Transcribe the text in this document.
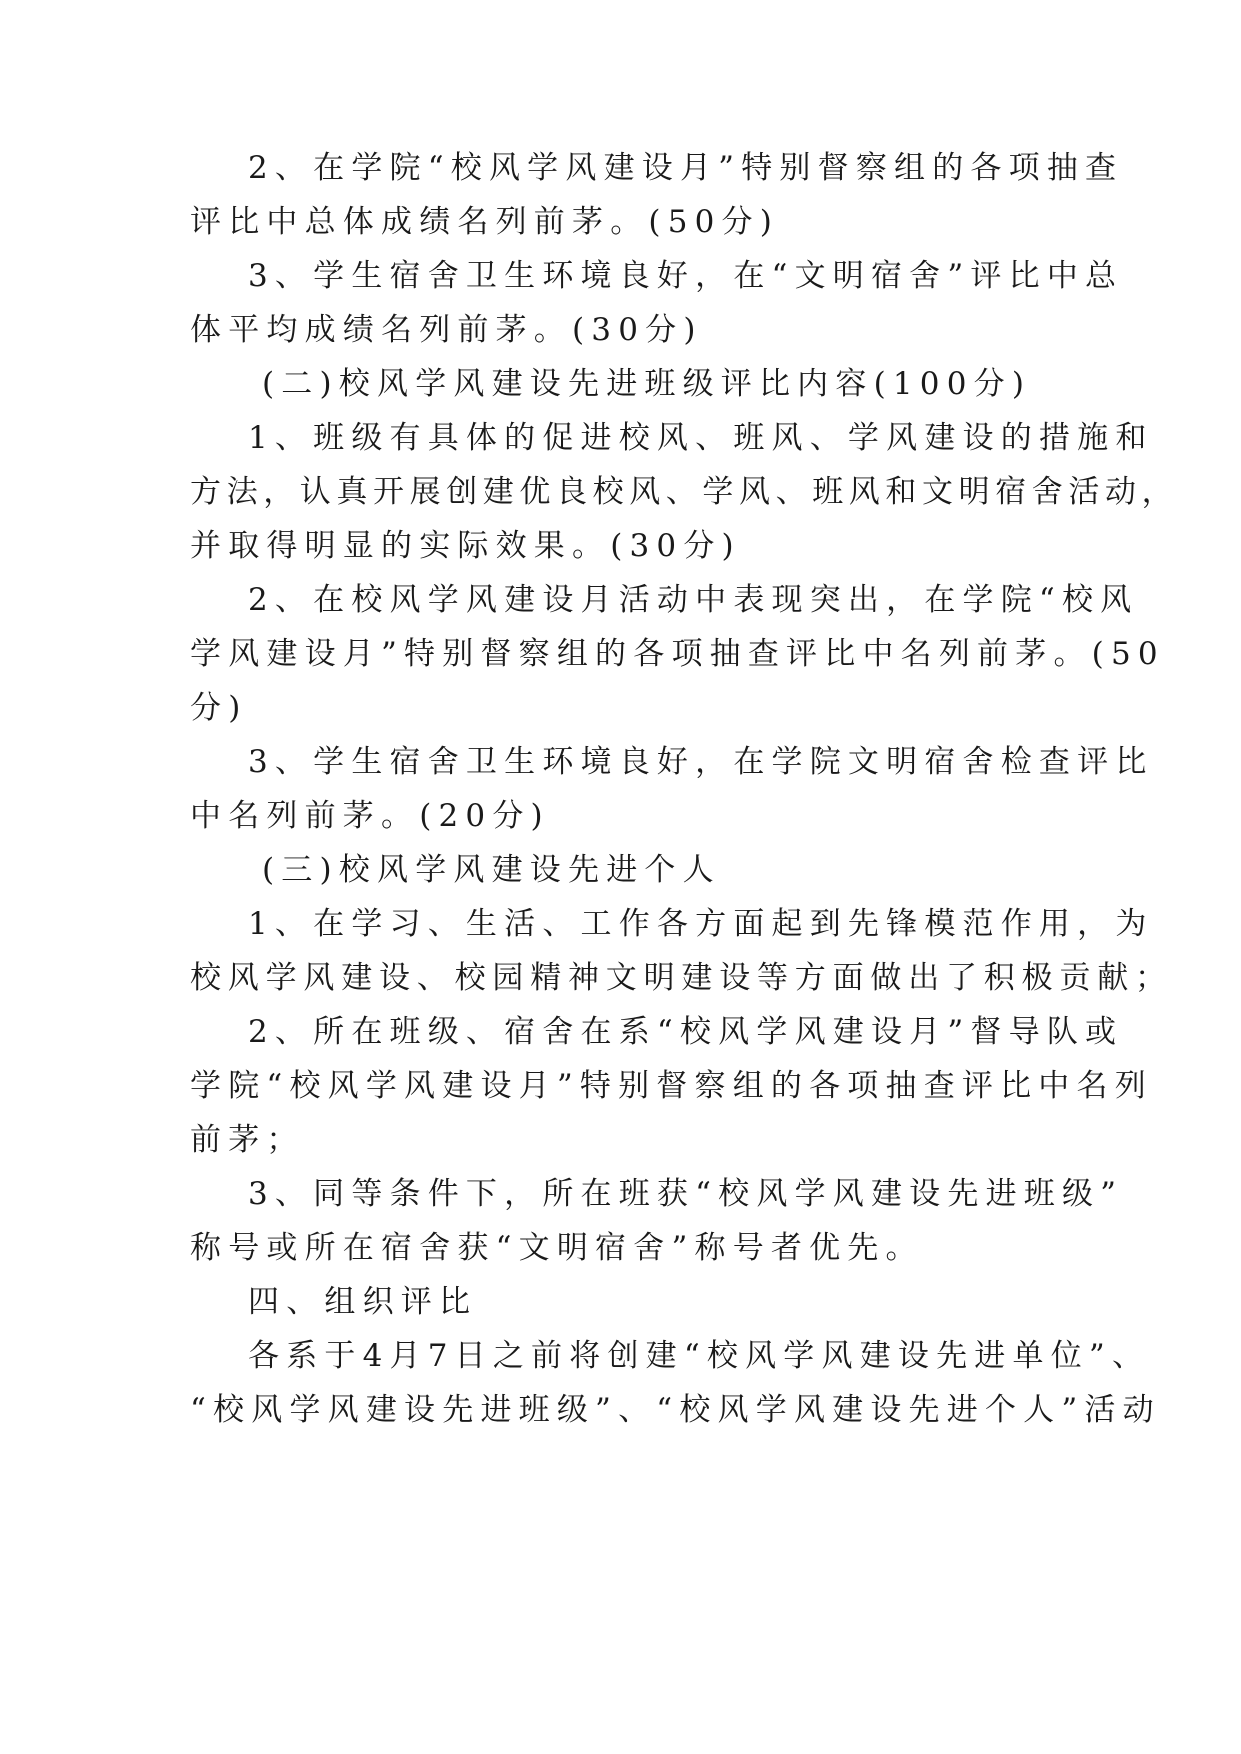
2、在学院“校风学风建设月”特别督察组的各项抽查
评比中总体成绩名列前茅。(50分)
3、学生宿舍卫生环境良好，在“文明宿舍”评比中总
体平均成绩名列前茅。(30分)
(二)校风学风建设先进班级评比内容(100分)
1、班级有具体的促进校风、班风、学风建设的措施和
方法，认真开展创建优良校风、学风、班风和文明宿舍活动，
并取得明显的实际效果。(30分)
2、在校风学风建设月活动中表现突出，在学院“校风
学风建设月”特别督察组的各项抽查评比中名列前茅。(50
分)
3、学生宿舍卫生环境良好，在学院文明宿舍检查评比
中名列前茅。(20分)
(三)校风学风建设先进个人
1、在学习、生活、工作各方面起到先锋模范作用，为
校风学风建设、校园精神文明建设等方面做出了积极贡献；
2、所在班级、宿舍在系“校风学风建设月”督导队或
学院“校风学风建设月”特别督察组的各项抽查评比中名列
前茅；
3、同等条件下，所在班获“校风学风建设先进班级”
称号或所在宿舍获“文明宿舍”称号者优先。
四、组织评比
各系于4月7日之前将创建“校风学风建设先进单位”、
“校风学风建设先进班级”、“校风学风建设先进个人”活动
